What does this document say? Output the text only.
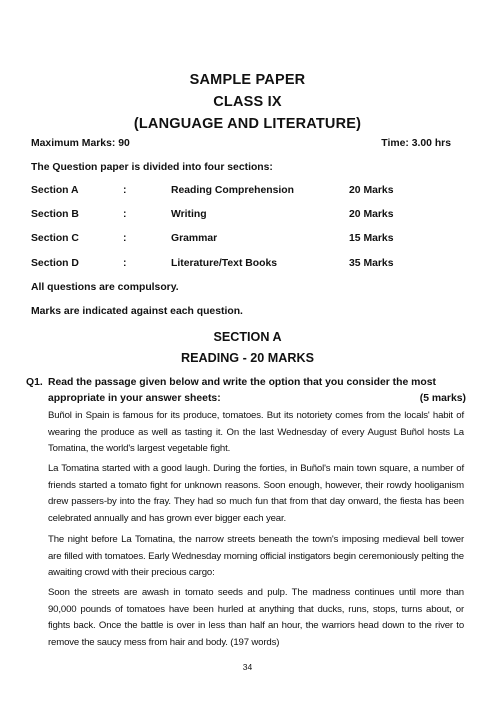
SAMPLE PAPER
CLASS IX
(LANGUAGE AND LITERATURE)
Maximum Marks: 90	Time: 3.00 hrs
The Question paper is divided into four sections:
Section A	:	Reading Comprehension	20 Marks
Section B	:	Writing	20 Marks
Section C	:	Grammar	15 Marks
Section D	:	Literature/Text Books	35 Marks
All questions are compulsory.
Marks are indicated against each question.
SECTION A
READING - 20 MARKS
Q1. Read the passage given below and write the option that you consider the most appropriate in your answer sheets:	(5 marks)
Buñol in Spain is famous for its produce, tomatoes. But its notoriety comes from the locals' habit of wearing the produce as well as tasting it. On the last Wednesday of every August Buñol hosts La Tomatina, the world's largest vegetable fight.
La Tomatina started with a good laugh. During the forties, in Buñol's main town square, a number of friends started a tomato fight for unknown reasons. Soon enough, however, their rowdy hooliganism drew passers-by into the fray. They had so much fun that from that day onward, the fiesta has been celebrated annually and has grown ever bigger each year.
The night before La Tomatina, the narrow streets beneath the town's imposing medieval bell tower are filled with tomatoes. Early Wednesday morning official instigators begin ceremoniously pelting the awaiting crowd with their precious cargo:
Soon the streets are awash in tomato seeds and pulp. The madness continues until more than 90,000 pounds of tomatoes have been hurled at anything that ducks, runs, stops, turns about, or fights back. Once the battle is over in less than half an hour, the warriors head down to the river to remove the saucy mess from hair and body. (197 words)
34
